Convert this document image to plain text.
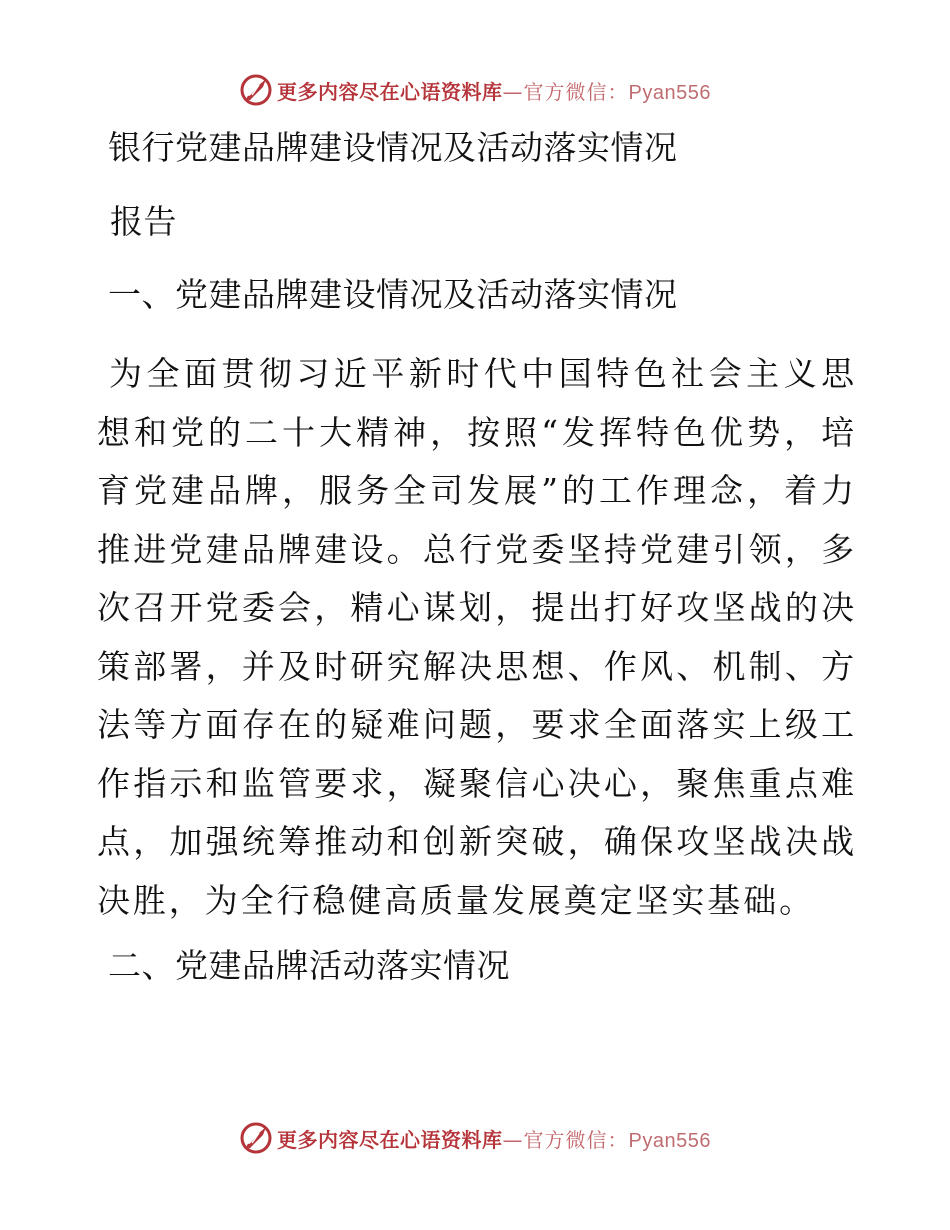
更多内容尽在心语资料库—官方微信：Pyan556
银行党建品牌建设情况及活动落实情况
报告
一、党建品牌建设情况及活动落实情况

为全面贯彻习近平新时代中国特色社会主义思想和党的二十大精神，按照“发挥特色优势，培育党建品牌，服务全司发展”的工作理念，着力推进党建品牌建设。总行党委坚持党建引领，多次召开党委会，精心谋划，提出打好攻坚战的决策部署，并及时研究解决思想、作风、机制、方法等方面存在的疑难问题，要求全面落实上级工作指示和监管要求，凝聚信心决心，聚焦重点难点，加强统筹推动和创新突破，确保攻坚战决战决胜，为全行稳健高质量发展奠定坚实基础。

二、党建品牌活动落实情况
更多内容尽在心语资料库—官方微信：Pyan556
